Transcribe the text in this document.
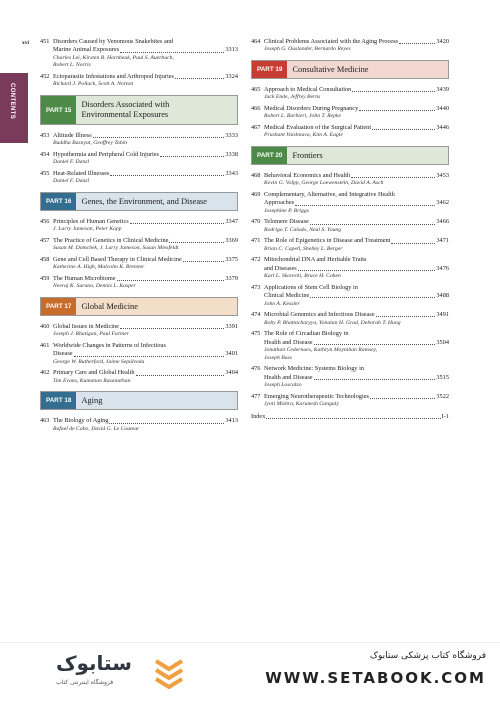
xvi
CONTENTS
451 Disorders Caused by Venomous Snakebites and
Marine Animal Exposures	3313
Charles Lei, Kirsten B. Hornbeak, Paul S. Auerbach,
Robert L. Norris
452 Ectoparasite Infestations and Arthropod Injuries	3324
Richard J. Pollack, Scott A. Norton
PART 15
Disorders Associated with
Environmental Exposures
453 Altitude Illness	3333
Buddha Basnyat, Geoffrey Tabin
454 Hypothermia and Peripheral Cold Injuries	3338
Daniel F. Danzl
455 Heat-Related Illnesses	3343
Daniel F. Danzl
PART 16	Genes, the Environment, and Disease
456 Principles of Human Genetics	3347
J. Larry Jameson, Peter Kopp
457 The Practice of Genetics in Clinical Medicine	3369
Susan M. Domchek, J. Larry Jameson, Susan Miesfeldt
458 Gene and Cell Based Therapy in Clinical Medicine	3375
Katherine A. High, Malcolm K. Brenner
459 The Human Microbiome	3379
Neeraj K. Surana, Dennis L. Kasper
PART 17	Global Medicine
460 Global Issues in Medicine	3391
Joseph J. Rhatigan, Paul Farmer
461 Worldwide Changes in Patterns of Infectious
Disease	3401
George W. Rutherford, Jaime Sepúlveda
462 Primary Care and Global Health	3404
Tim Evans, Kumanan Rasanathan
PART 18	Aging
463 The Biology of Aging	3413
Rafael de Cabo, David G. Le Couteur
464 Clinical Problems Associated with the Aging Process	3420
Joseph G. Ouslander, Bernardo Reyes
PART 19	Consultative Medicine
465 Approach to Medical Consultation	3439
Jack Ende, Jeffrey Berns
466 Medical Disorders During Pregnancy	3440
Robert L. Barbieri, John T. Repke
467 Medical Evaluation of the Surgical Patient	3446
Prashant Vaishnava, Kim A. Eagle
PART 20	Frontiers
468 Behavioral Economics and Health	3453
Kevin G. Volpp, George Loewenstein, David A. Asch
469 Complementary, Alternative, and Integrative Health
Approaches	3462
Josephine P. Briggs
470 Telomere Disease	3466
Rodrigo T. Calado, Neal S. Young
471 The Role of Epigenetics in Disease and Treatment	3471
Brian C. Capell, Shelley L. Berger
472 Mitochondrial DNA and Heritable Traits
and Diseases	3476
Karl L. Skorecki, Bruce H. Cohen
473 Applications of Stem Cell Biology in
Clinical Medicine	3488
John A. Kessler
474 Microbial Genomics and Infectious Disease	3491
Roby P. Bhattacharyya, Yonatan H. Grad, Deborah T. Hung
475 The Role of Circadian Biology in
Health and Disease	3504
Jonathan Cedernaes, Kathryn Moynihan Ramsey,
Joseph Bass
476 Network Medicine: Systems Biology in
Health and Disease	3515
Joseph Loscalzo
477 Emerging Neurotherapeutic Technologies	3522
Jyoti Mishra, Karunesh Ganguly
Index	I-1
ستابوک
فروشگاه اینترنتی کتاب
فروشگاه کتاب پزشکی ستابوک
WWW.SETABOOK.COM
